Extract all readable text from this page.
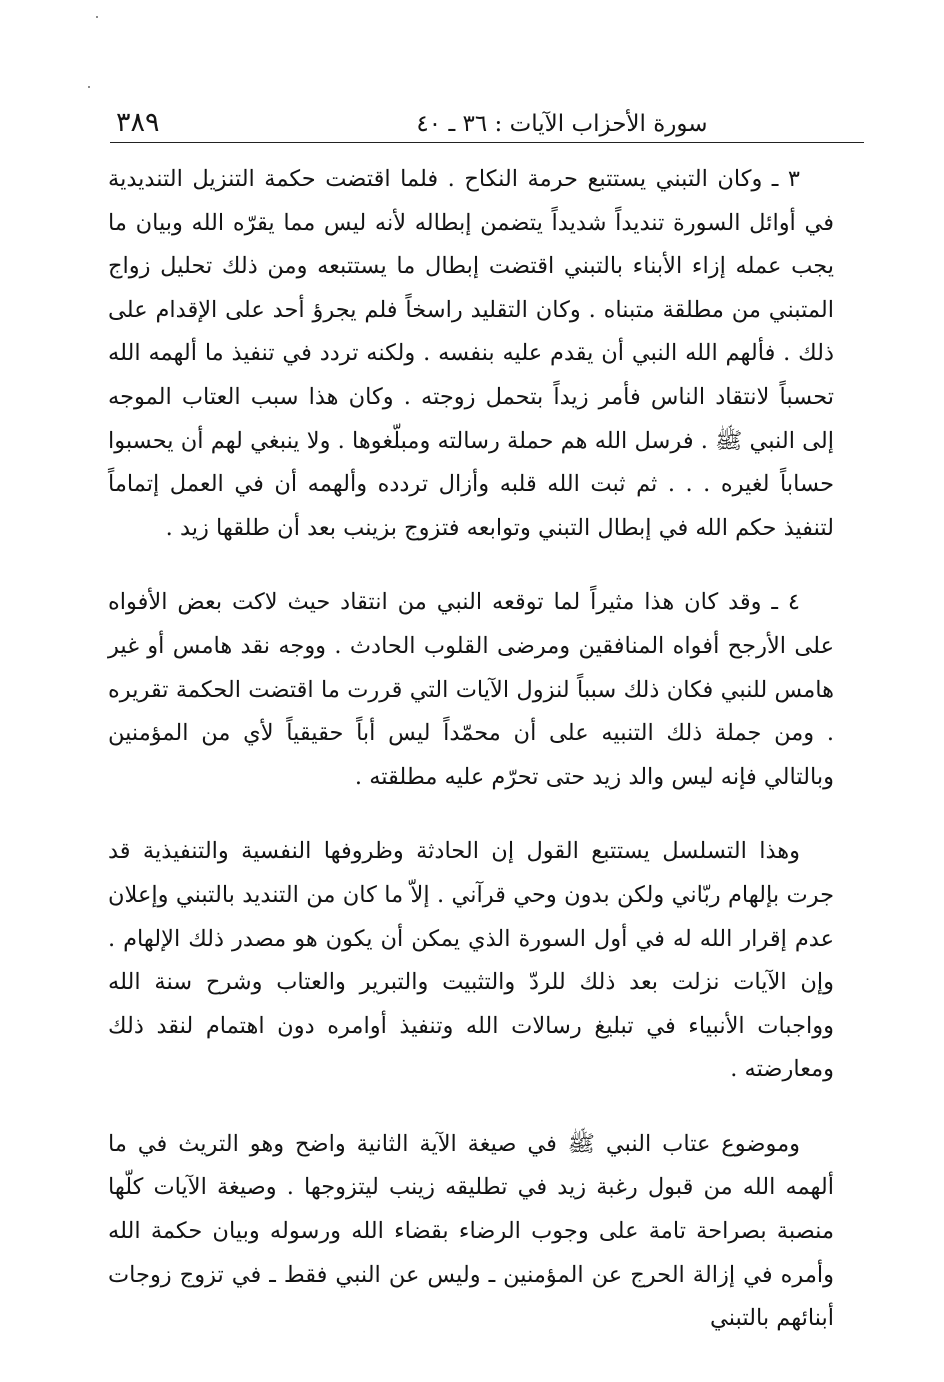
٣٨٩	سورة الأحزاب الآيات : ٣٦ ـ ٤٠

٣ ـ وكان التبني يستتبع حرمة النكاح . فلما اقتضت حكمة التنزيل التنديدية في أوائل السورة تنديداً شديداً يتضمن إبطاله لأنه ليس مما يقرّه الله وبيان ما يجب عمله إزاء الأبناء بالتبني اقتضت إبطال ما يستتبعه ومن ذلك تحليل زواج المتبني من مطلقة متبناه . وكان التقليد راسخاً فلم يجرؤ أحد على الإقدام على ذلك . فألهم الله النبي أن يقدم عليه بنفسه . ولكنه تردد في تنفيذ ما ألهمه الله تحسباً لانتقاد الناس فأمر زيداً بتحمل زوجته . وكان هذا سبب العتاب الموجه إلى النبي ﷺ . فرسل الله هم حملة رسالته ومبلّغوها . ولا ينبغي لهم أن يحسبوا حساباً لغيره . . . ثم ثبت الله قلبه وأزال تردده وألهمه أن في العمل إتماماً لتنفيذ حكم الله في إبطال التبني وتوابعه فتزوج بزينب بعد أن طلقها زيد .

٤ ـ وقد كان هذا مثيراً لما توقعه النبي من انتقاد حيث لاكت بعض الأفواه على الأرجح أفواه المنافقين ومرضى القلوب الحادث . ووجه نقد هامس أو غير هامس للنبي فكان ذلك سبباً لنزول الآيات التي قررت ما اقتضت الحكمة تقريره . ومن جملة ذلك التنبيه على أن محمّداً ليس أباً حقيقياً لأي من المؤمنين وبالتالي فإنه ليس والد زيد حتى تحرّم عليه مطلقته .

وهذا التسلسل يستتبع القول إن الحادثة وظروفها النفسية والتنفيذية قد جرت بإلهام ربّاني ولكن بدون وحي قرآني . إلاّ ما كان من التنديد بالتبني وإعلان عدم إقرار الله له في أول السورة الذي يمكن أن يكون هو مصدر ذلك الإلهام . وإن الآيات نزلت بعد ذلك للردّ والتثبيت والتبرير والعتاب وشرح سنة الله وواجبات الأنبياء في تبليغ رسالات الله وتنفيذ أوامره دون اهتمام لنقد ذلك ومعارضته .

وموضوع عتاب النبي ﷺ في صيغة الآية الثانية واضح وهو التريث في ما ألهمه الله من قبول رغبة زيد في تطليقه زينب ليتزوجها . وصيغة الآيات كلّها منصبة بصراحة تامة على وجوب الرضاء بقضاء الله ورسوله وبيان حكمة الله وأمره في إزالة الحرج عن المؤمنين ـ وليس عن النبي فقط ـ في تزوج زوجات أبنائهم بالتبني
